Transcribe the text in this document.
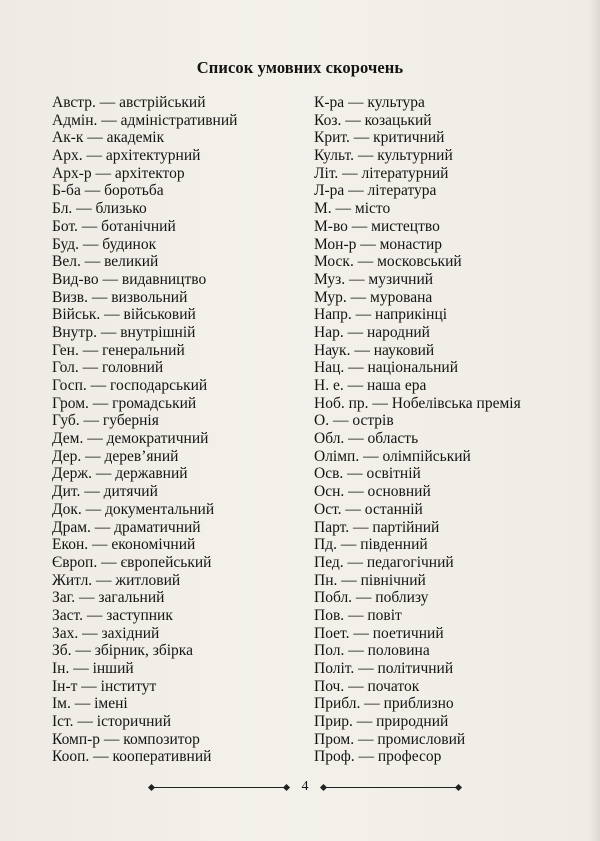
Список умовних скорочень
Австр. — австрійський
Адмін. — адміністративний
Ак-к — академік
Арх. — архітектурний
Арх-р — архітектор
Б-ба — боротьба
Бл. — близько
Бот. — ботанічний
Буд. — будинок
Вел. — великий
Вид-во — видавництво
Визв. — визвольний
Військ. — військовий
Внутр. — внутрішній
Ген. — генеральний
Гол. — головний
Госп. — господарський
Гром. — громадський
Губ. — губернія
Дем. — демократичний
Дер. — дерев’яний
Держ. — державний
Дит. — дитячий
Док. — документальний
Драм. — драматичний
Екон. — економічний
Європ. — європейський
Житл. — житловий
Заг. — загальний
Заст. — заступник
Зах. — західний
Зб. — збірник, збірка
Ін. — інший
Ін-т — інститут
Ім. — імені
Іст. — історичний
Комп-р — композитор
Кооп. — кооперативний
К-ра — культура
Коз. — козацький
Крит. — критичний
Культ. — культурний
Літ. — літературний
Л-ра — література
М. — місто
М-во — мистецтво
Мон-р — монастир
Моск. — московський
Муз. — музичний
Мур. — мурована
Напр. — наприкінці
Нар. — народний
Наук. — науковий
Нац. — національний
Н. е. — наша ера
Ноб. пр. — Нобелівська премія
О. — острів
Обл. — область
Олімп. — олімпійський
Осв. — освітній
Осн. — основний
Ост. — останній
Парт. — партійний
Пд. — південний
Пед. — педагогічний
Пн. — північний
Побл. — поблизу
Пов. — повіт
Поет. — поетичний
Пол. — половина
Політ. — політичний
Поч. — початок
Прибл. — приблизно
Прир. — природний
Пром. — промисловий
Проф. — професор
4
